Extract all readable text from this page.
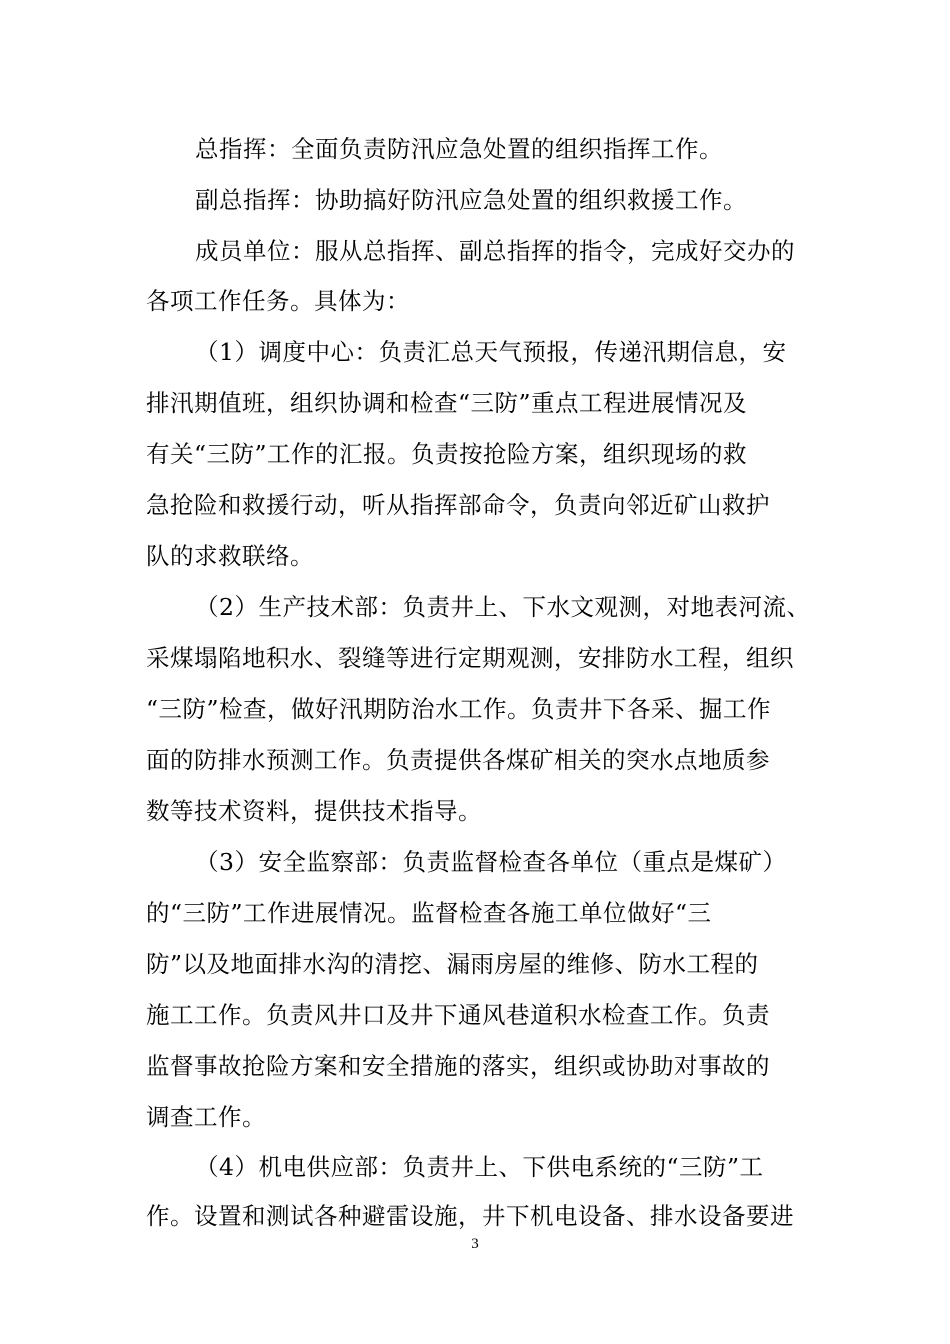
总指挥：全面负责防汛应急处置的组织指挥工作。
副总指挥：协助搞好防汛应急处置的组织救援工作。
成员单位：服从总指挥、副总指挥的指令，完成好交办的
各项工作任务。具体为：
（1）调度中心：负责汇总天气预报，传递汛期信息，安
排汛期值班，组织协调和检查“三防”重点工程进展情况及
有关“三防”工作的汇报。负责按抢险方案，组织现场的救
急抢险和救援行动，听从指挥部命令，负责向邻近矿山救护
队的求救联络。
（2）生产技术部：负责井上、下水文观测，对地表河流、
采煤塌陷地积水、裂缝等进行定期观测，安排防水工程，组织
“三防”检查，做好汛期防治水工作。负责井下各采、掘工作
面的防排水预测工作。负责提供各煤矿相关的突水点地质参
数等技术资料，提供技术指导。
（3）安全监察部：负责监督检查各单位（重点是煤矿）
的“三防”工作进展情况。监督检查各施工单位做好“三
防”以及地面排水沟的清挖、漏雨房屋的维修、防水工程的
施工工作。负责风井口及井下通风巷道积水检查工作。负责
监督事故抢险方案和安全措施的落实，组织或协助对事故的
调查工作。
（4）机电供应部：负责井上、下供电系统的“三防”工
作。设置和测试各种避雷设施，井下机电设备、排水设备要进
3
